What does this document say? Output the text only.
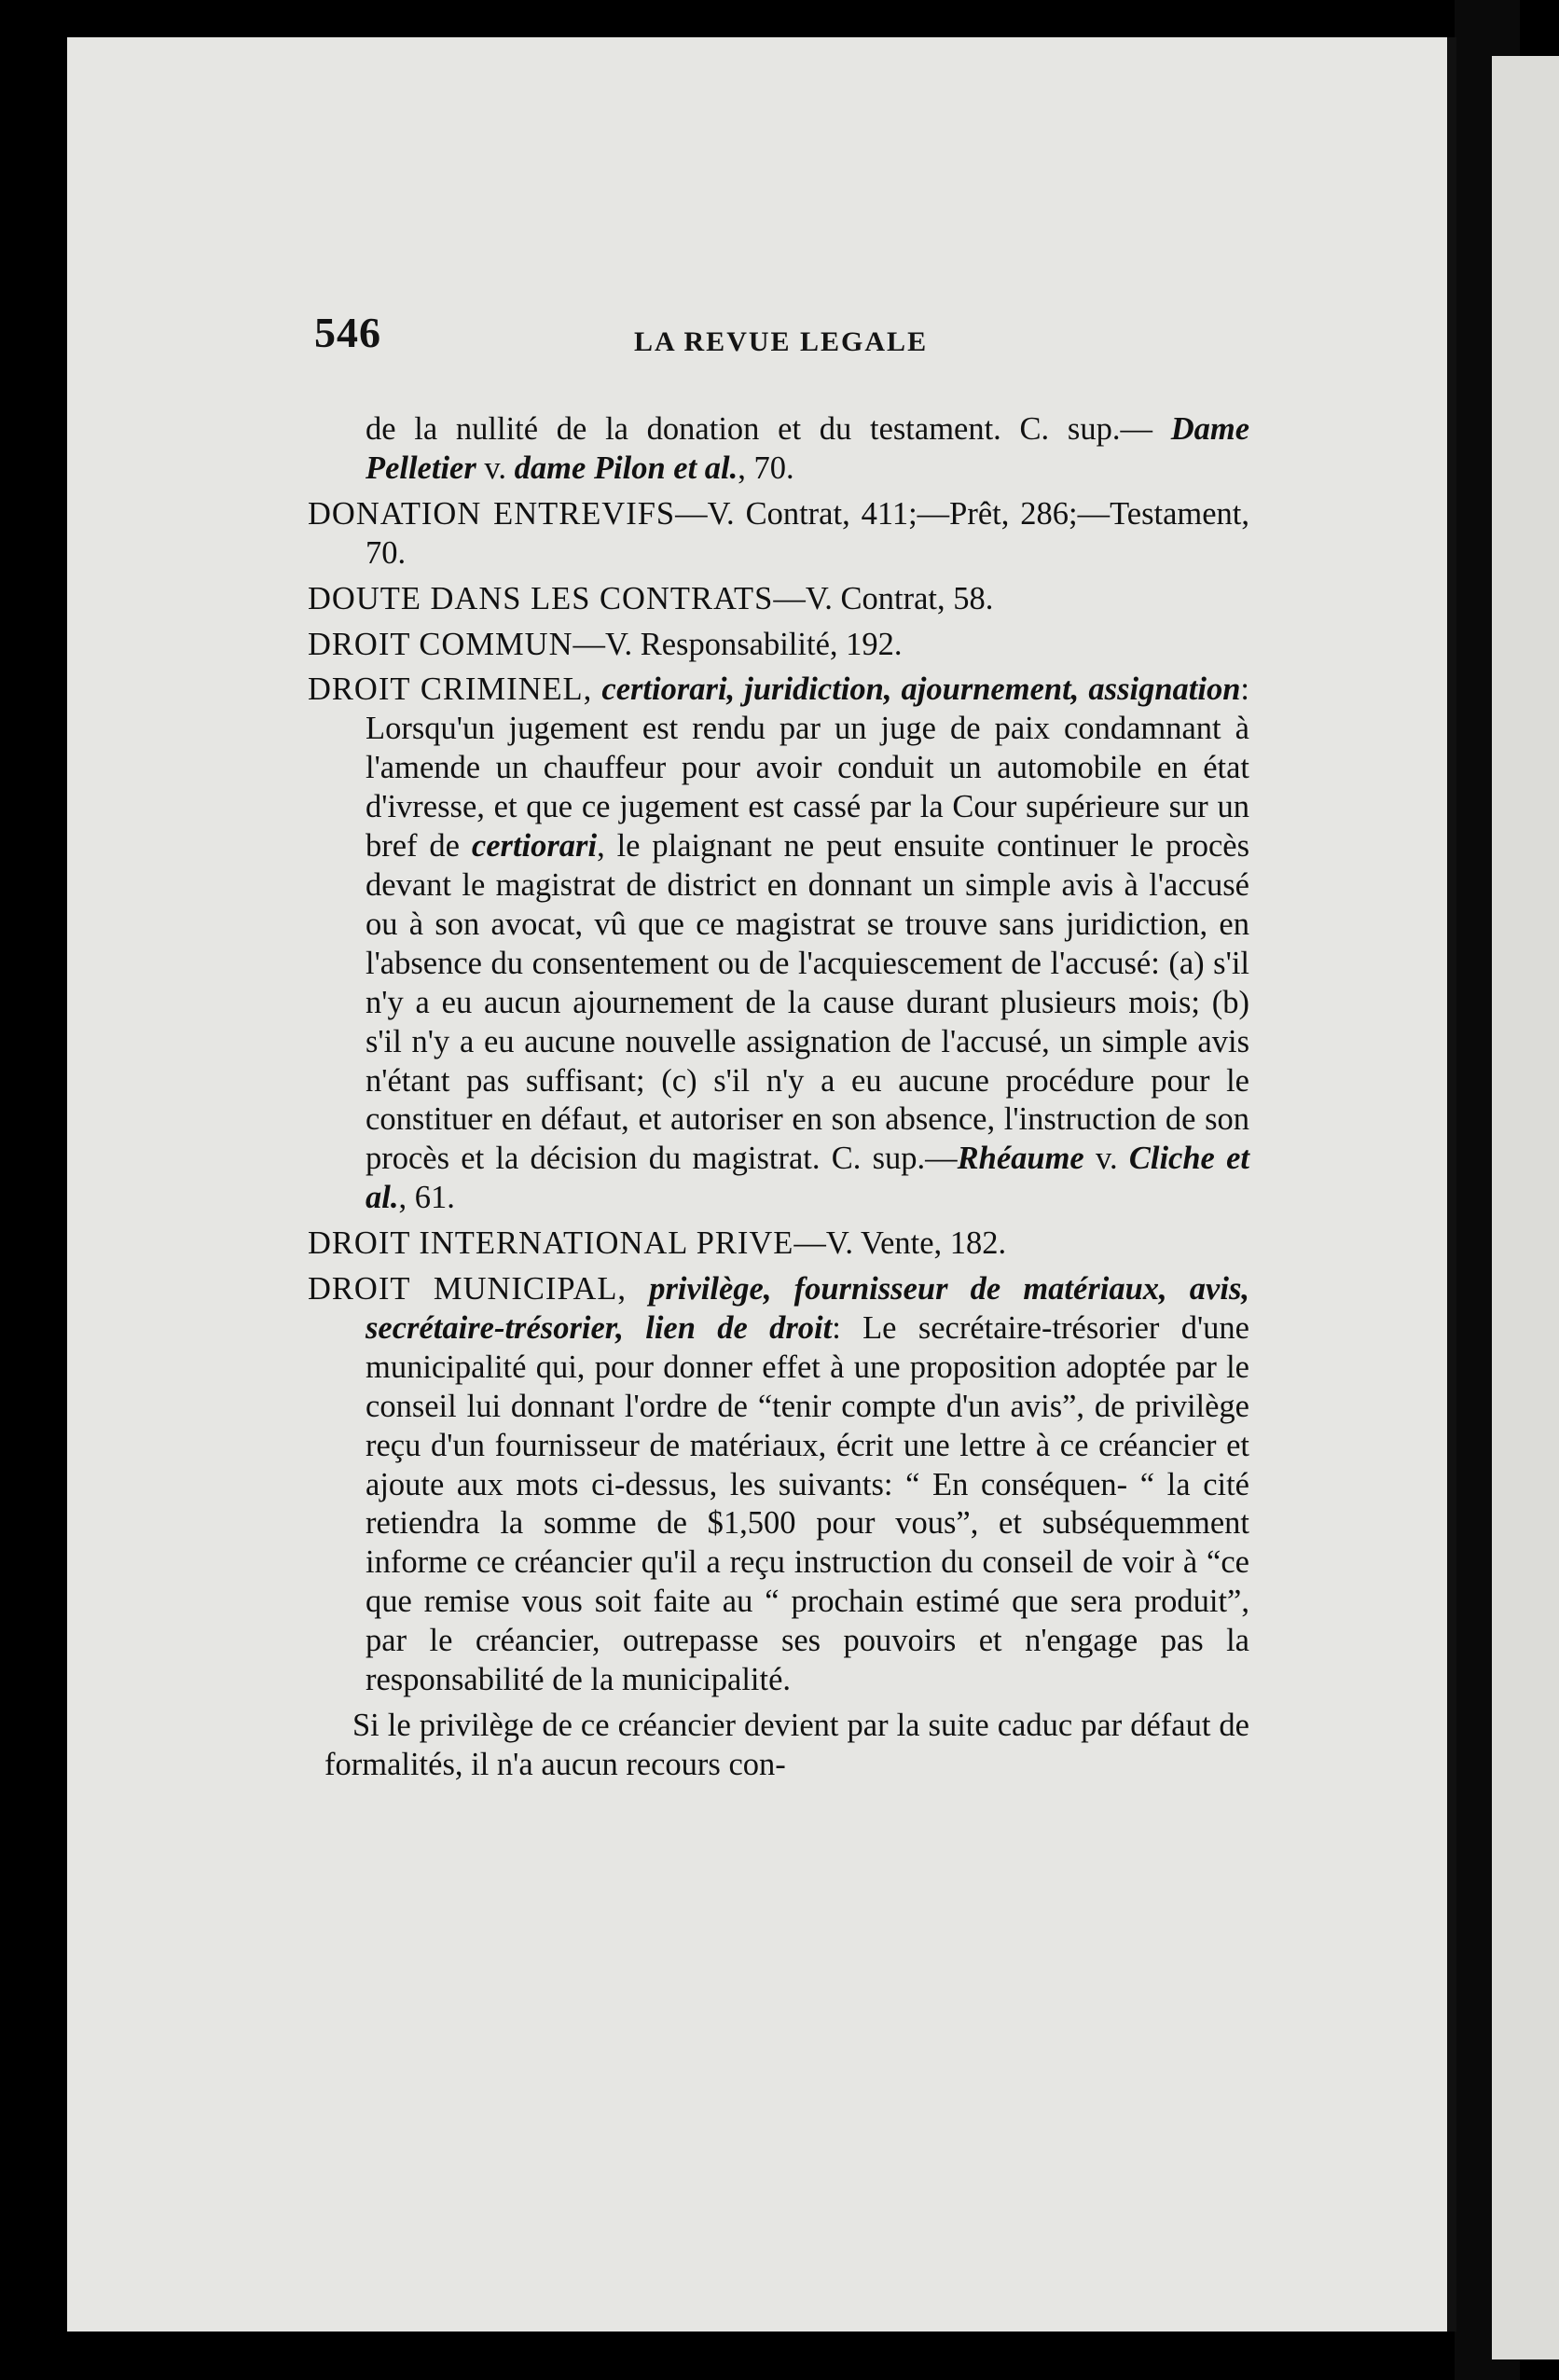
546	LA REVUE LEGALE

de la nullité de la donation et du testament. C. sup.— Dame Pelletier v. dame Pilon et al., 70.

DONATION ENTREVIFS—V. Contrat, 411;—Prêt, 286;—Testament, 70.

DOUTE DANS LES CONTRATS—V. Contrat, 58.

DROIT COMMUN—V. Responsabilité, 192.

DROIT CRIMINEL, certiorari, juridiction, ajournement, assignation: Lorsqu'un jugement est rendu par un juge de paix condamnant à l'amende un chauffeur pour avoir conduit un automobile en état d'ivresse, et que ce jugement est cassé par la Cour supérieure sur un bref de certiorari, le plaignant ne peut ensuite continuer le procès devant le magistrat de district en donnant un simple avis à l'accusé ou à son avocat, vû que ce magistrat se trouve sans juridiction, en l'absence du consentement ou de l'acquiescement de l'accusé: (a) s'il n'y a eu aucun ajournement de la cause durant plusieurs mois; (b) s'il n'y a eu aucune nouvelle assignation de l'accusé, un simple avis n'étant pas suffisant; (c) s'il n'y a eu aucune procédure pour le constituer en défaut, et autoriser en son absence, l'instruction de son procès et la décision du magistrat. C. sup.—Rhéaume v. Cliche et al., 61.

DROIT INTERNATIONAL PRIVE—V. Vente, 182.

DROIT MUNICIPAL, privilège, fournisseur de matériaux, avis, secrétaire-trésorier, lien de droit: Le secrétaire-trésorier d'une municipalité qui, pour donner effet à une proposition adoptée par le conseil lui donnant l'ordre de “tenir compte d'un avis”, de privilège reçu d'un fournisseur de matériaux, écrit une lettre à ce créancier et ajoute aux mots ci-dessus, les suivants: “ En conséquen- “ la cité retiendra la somme de $1,500 pour vous”, et subséquemment informe ce créancier qu'il a reçu instruction du conseil de voir à “ce que remise vous soit faite au “ prochain estimé que sera produit”, par le créancier, outrepasse ses pouvoirs et n'engage pas la responsabilité de la municipalité.

Si le privilège de ce créancier devient par la suite caduc par défaut de formalités, il n'a aucun recours con-
